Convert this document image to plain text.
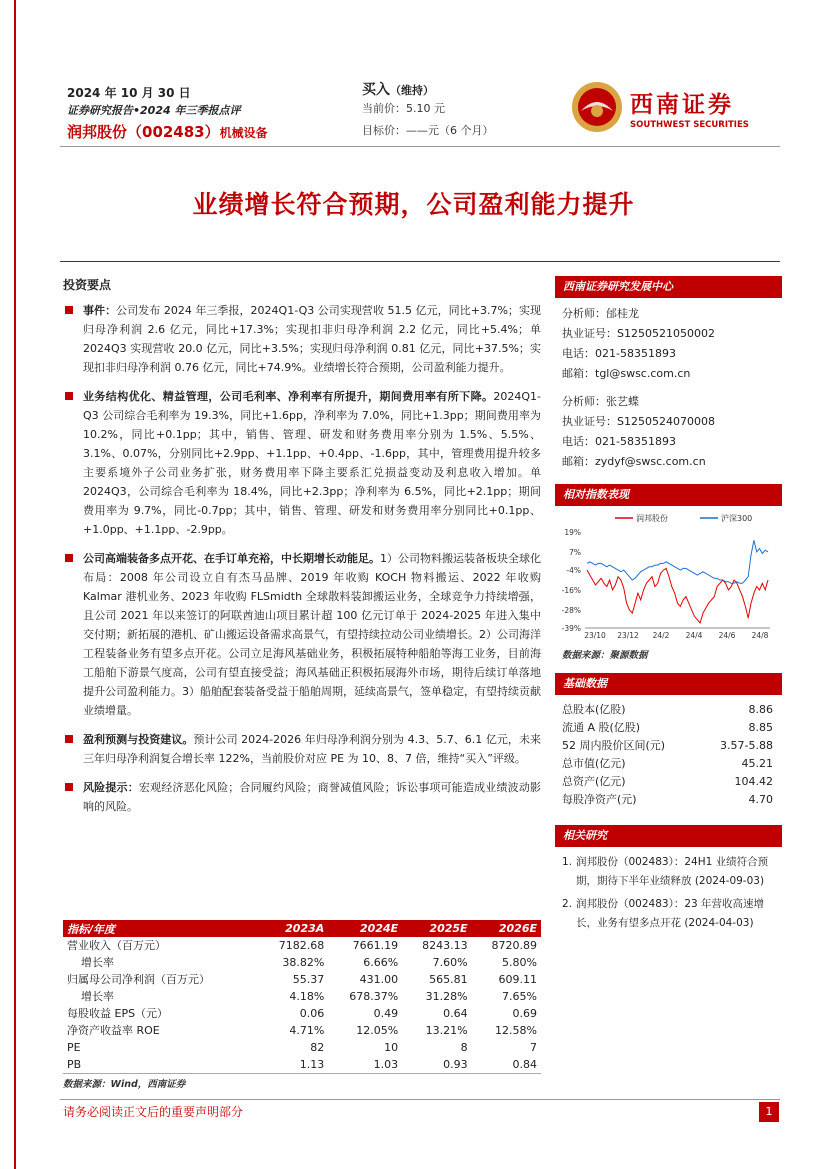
2024 年 10 月 30 日
证券研究报告•2024 年三季报点评
润邦股份（002483）机械设备
买入（维持）
当前价：5.10 元
目标价：——元（6 个月）
西南证券
SOUTHWEST SECURITIES
业绩增长符合预期，公司盈利能力提升
投资要点
事件：公司发布 2024 年三季报，2024Q1-Q3 公司实现营收 51.5 亿元，同比+3.7%；实现归母净利润 2.6 亿元，同比+17.3%；实现扣非归母净利润 2.2 亿元，同比+5.4%；单 2024Q3 实现营收 20.0 亿元，同比+3.5%；实现归母净利润 0.81 亿元，同比+37.5%；实现扣非归母净利润 0.76 亿元，同比+74.9%。业绩增长符合预期，公司盈利能力提升。
业务结构优化、精益管理，公司毛利率、净利率有所提升，期间费用率有所下降。2024Q1-Q3 公司综合毛利率为 19.3%，同比+1.6pp，净利率为 7.0%，同比+1.3pp；期间费用率为 10.2%，同比+0.1pp；其中，销售、管理、研发和财务费用率分别为 1.5%、5.5%、3.1%、0.07%，分别同比+2.9pp、+1.1pp、+0.4pp、-1.6pp，其中，管理费用提升较多主要系境外子公司业务扩张，财务费用率下降主要系汇兑损益变动及利息收入增加。单 2024Q3，公司综合毛利率为 18.4%，同比+2.3pp；净利率为 6.5%，同比+2.1pp；期间费用率为 9.7%，同比-0.7pp；其中，销售、管理、研发和财务费用率分别同比+0.1pp、+1.0pp、+1.1pp、-2.9pp。
公司高端装备多点开花、在手订单充裕，中长期增长动能足。1）公司物料搬运装备板块全球化布局：2008 年公司设立自有杰马品牌、2019 年收购 KOCH 物料搬运、2022 年收购 Kalmar 港机业务、2023 年收购 FLSmidth 全球散料装卸搬运业务，全球竞争力持续增强，且公司 2021 年以来签订的阿联酋迪山项目累计超 100 亿元订单于 2024-2025 年进入集中交付期；新拓展的港机、矿山搬运设备需求高景气，有望持续拉动公司业绩增长。2）公司海洋工程装备业务有望多点开花。公司立足海风基础业务，积极拓展特种船舶等海工业务，目前海工船舶下游景气度高，公司有望直接受益；海风基础正积极拓展海外市场，期待后续订单落地提升公司盈利能力。3）船舶配套装备受益于船舶周期，延续高景气，签单稳定，有望持续贡献业绩增量。
盈利预测与投资建议。预计公司 2024-2026 年归母净利润分别为 4.3、5.7、6.1 亿元，未来三年归母净利润复合增长率 122%，当前股价对应 PE 为 10、8、7 倍，维持“买入”评级。
风险提示：宏观经济恶化风险；合同履约风险；商誉减值风险；诉讼事项可能造成业绩波动影响的风险。
指标/年度	2023A	2024E	2025E	2026E
营业收入（百万元）	7182.68	7661.19	8243.13	8720.89
增长率	38.82%	6.66%	7.60%	5.80%
归属母公司净利润（百万元）	55.37	431.00	565.81	609.11
增长率	4.18%	678.37%	31.28%	7.65%
每股收益 EPS（元）	0.06	0.49	0.64	0.69
净资产收益率 ROE	4.71%	12.05%	13.21%	12.58%
PE	82	10	8	7
PB	1.13	1.03	0.93	0.84
数据来源：Wind，西南证券
西南证券研究发展中心
分析师：邰桂龙
执业证号：S1250521050002
电话：021-58351893
邮箱：tgl@swsc.com.cn
分析师：张艺蝶
执业证号：S1250524070008
电话：021-58351893
邮箱：zydyf@swsc.com.cn
相对指数表现
19%
7%
-4%
-16%
-28%
-39%
23/10 23/12 24/2 24/4 24/6 24/8
润邦股份	沪深300
数据来源：聚源数据
基础数据
总股本(亿股)	8.86
流通 A 股(亿股)	8.85
52 周内股价区间(元)	3.57-5.88
总市值(亿元)	45.21
总资产(亿元)	104.42
每股净资产(元)	4.70
相关研究
1. 润邦股份（002483）：24H1 业绩符合预期，期待下半年业绩释放 (2024-09-03)
2. 润邦股份（002483）：23 年营收高速增长，业务有望多点开花 (2024-04-03)
请务必阅读正文后的重要声明部分	1
